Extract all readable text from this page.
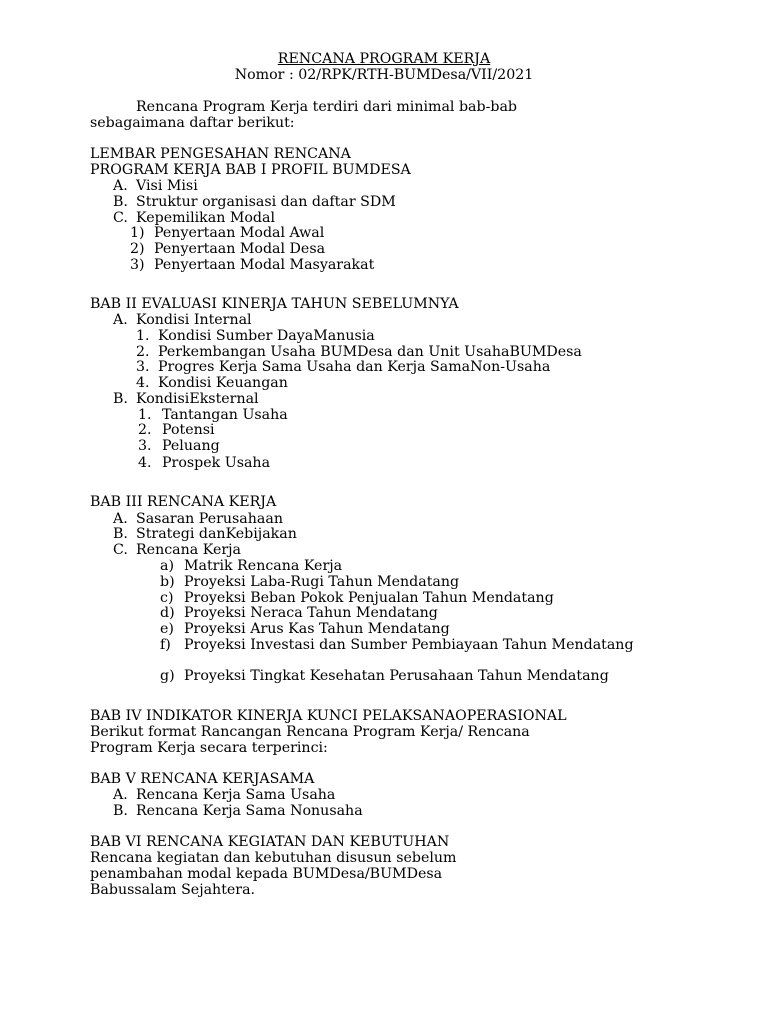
RENCANA PROGRAM KERJA
Nomor : 02/RPK/RTH-BUMDesa/VII/2021
Rencana Program Kerja terdiri dari minimal bab-bab
sebagaimana daftar berikut:
LEMBAR PENGESAHAN RENCANA
PROGRAM KERJA BAB I PROFIL BUMDESA
A. Visi Misi
B. Struktur organisasi dan daftar SDM
C. Kepemilikan Modal
1) Penyertaan Modal Awal
2) Penyertaan Modal Desa
3) Penyertaan Modal Masyarakat
BAB II EVALUASI KINERJA TAHUN SEBELUMNYA
A. Kondisi Internal
1. Kondisi Sumber DayaManusia
2. Perkembangan Usaha BUMDesa dan Unit UsahaBUMDesa
3. Progres Kerja Sama Usaha dan Kerja SamaNon-Usaha
4. Kondisi Keuangan
B. KondisiEksternal
1. Tantangan Usaha
2. Potensi
3. Peluang
4. Prospek Usaha
BAB III RENCANA KERJA
A. Sasaran Perusahaan
B. Strategi danKebijakan
C. Rencana Kerja
a) Matrik Rencana Kerja
b) Proyeksi Laba-Rugi Tahun Mendatang
c) Proyeksi Beban Pokok Penjualan Tahun Mendatang
d) Proyeksi Neraca Tahun Mendatang
e) Proyeksi Arus Kas Tahun Mendatang
f) Proyeksi Investasi dan Sumber Pembiayaan Tahun Mendatang
g) Proyeksi Tingkat Kesehatan Perusahaan Tahun Mendatang
BAB IV INDIKATOR KINERJA KUNCI PELAKSANAOPERASIONAL
Berikut format Rancangan Rencana Program Kerja/ Rencana
Program Kerja secara terperinci:
BAB V RENCANA KERJASAMA
A. Rencana Kerja Sama Usaha
B. Rencana Kerja Sama Nonusaha
BAB VI RENCANA KEGIATAN DAN KEBUTUHAN
Rencana kegiatan dan kebutuhan disusun sebelum
penambahan modal kepada BUMDesa/BUMDesa
Babussalam Sejahtera.
